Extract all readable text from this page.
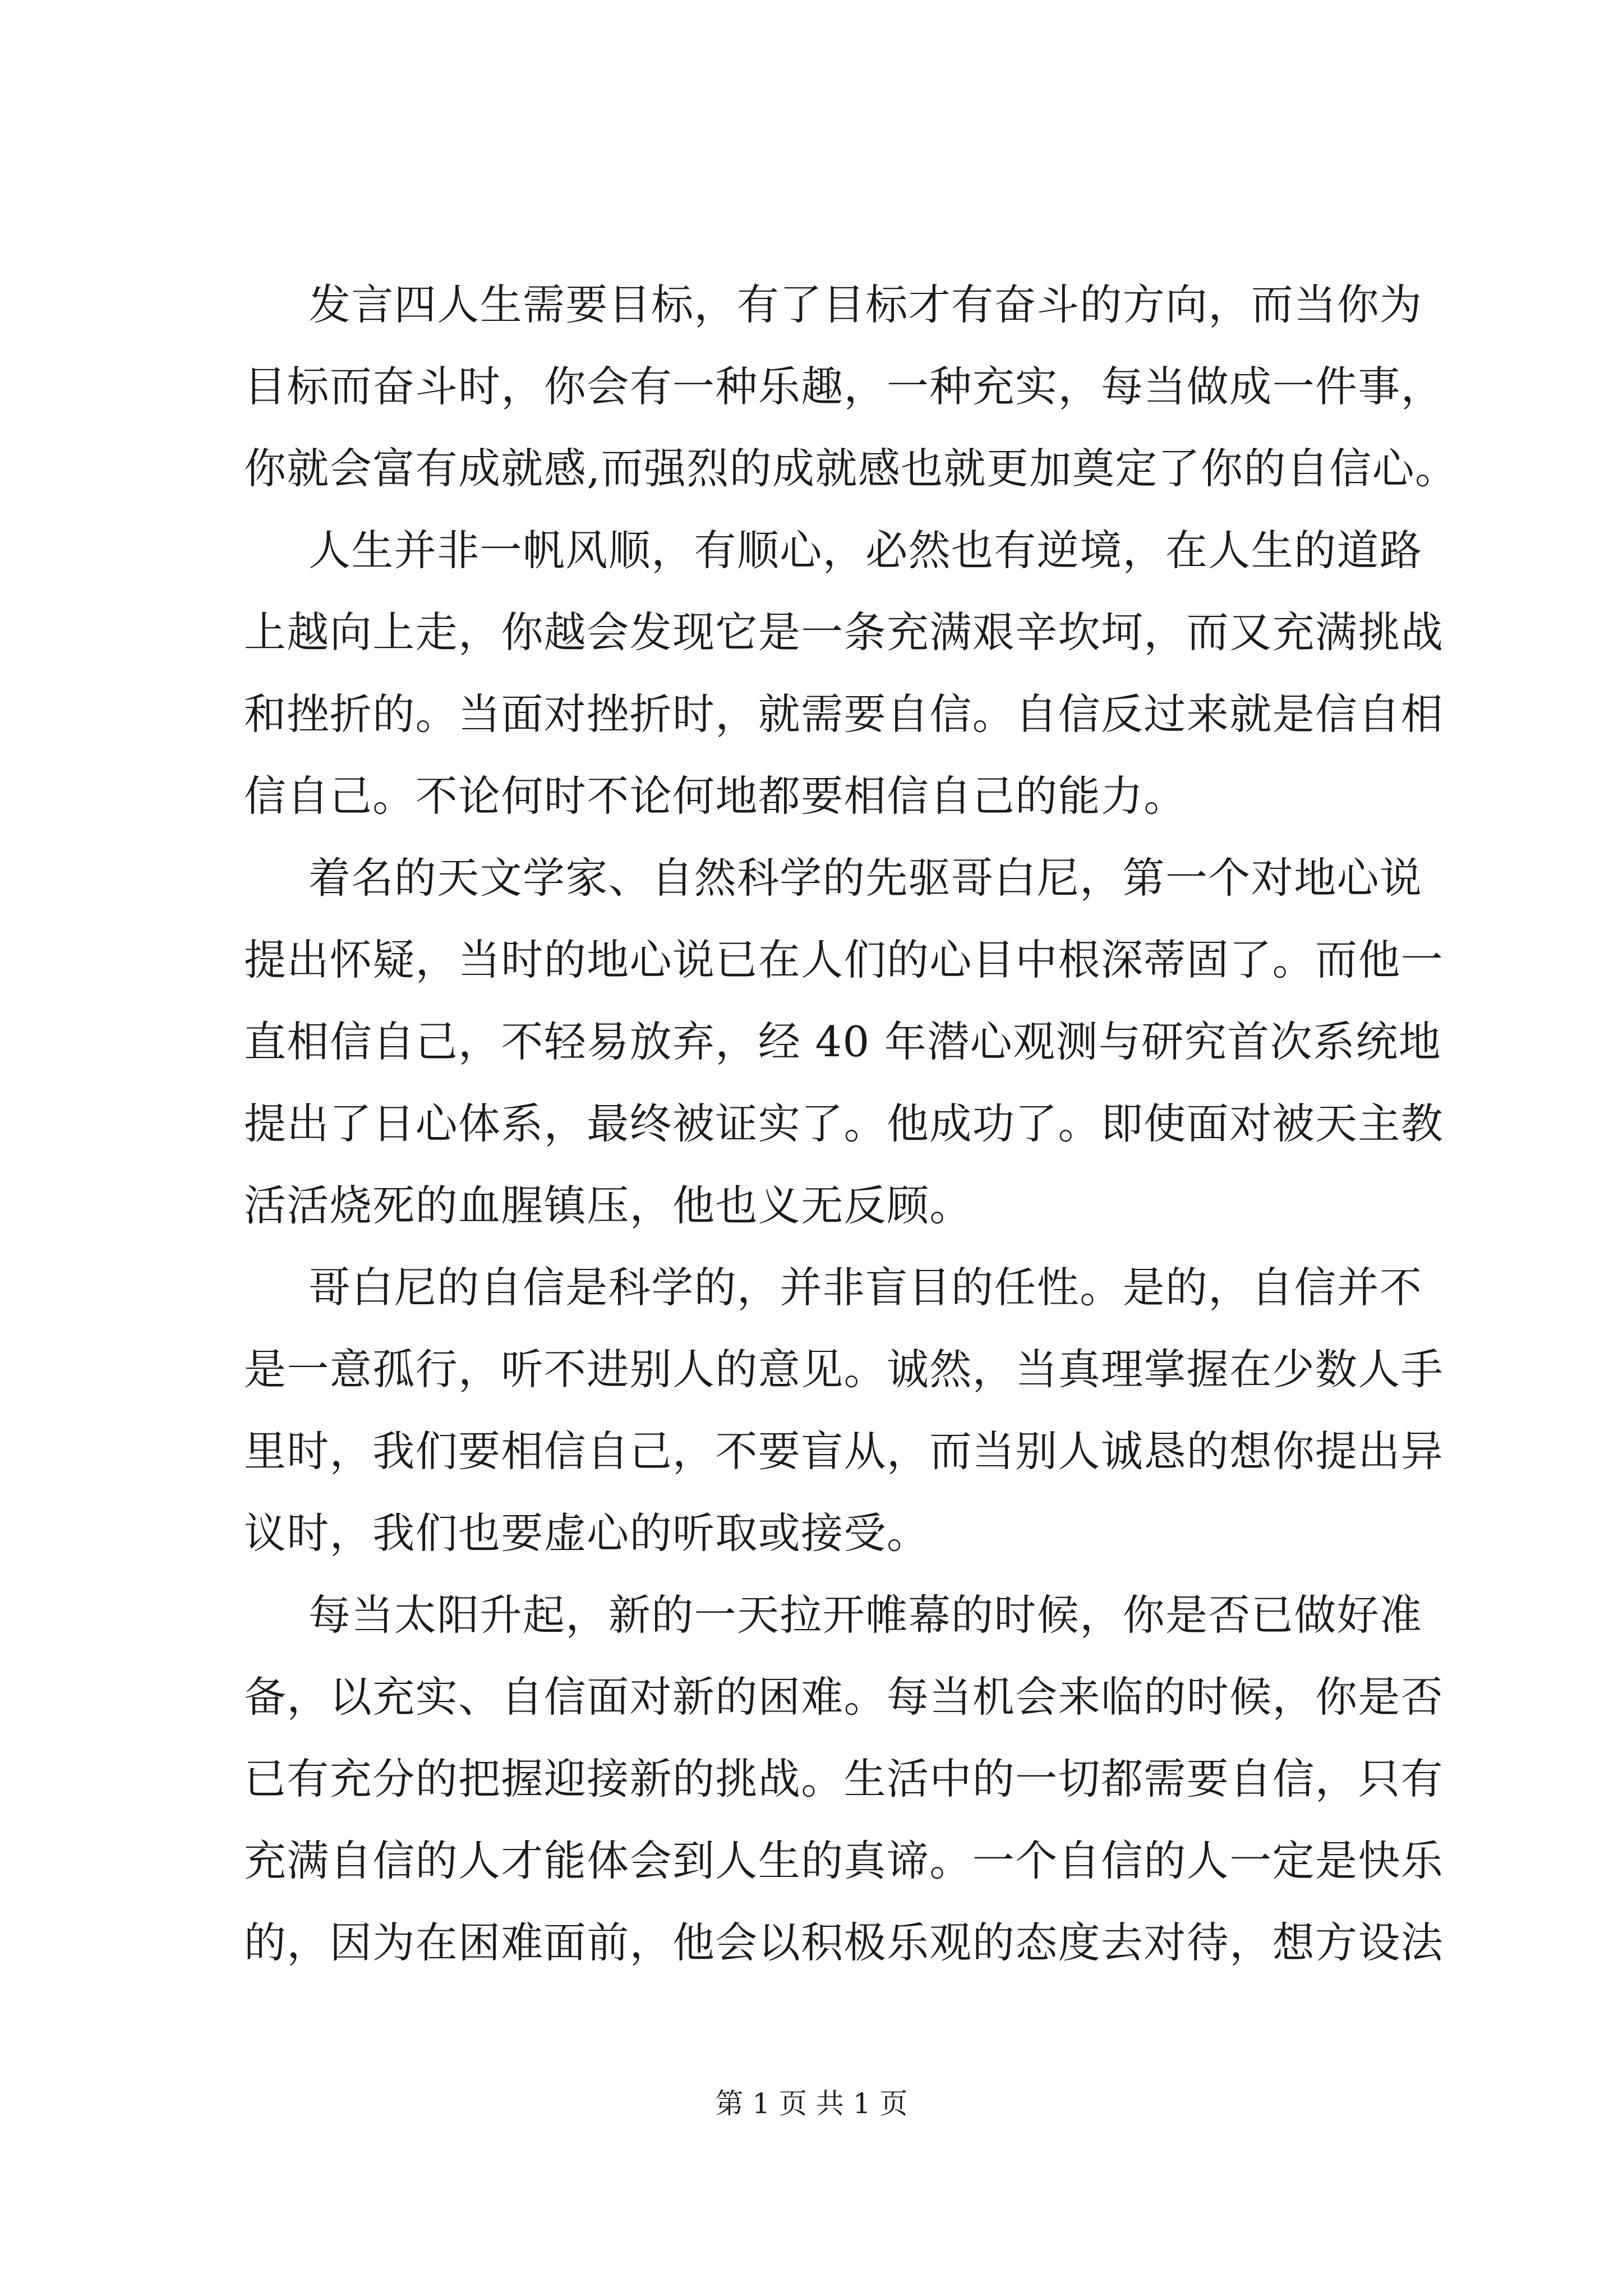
发言四人生需要目标，有了目标才有奋斗的方向，而当你为
目标而奋斗时，你会有一种乐趣，一种充实，每当做成一件事，
你就会富有成就感,而强烈的成就感也就更加奠定了你的自信心。
人生并非一帆风顺，有顺心，必然也有逆境，在人生的道路
上越向上走，你越会发现它是一条充满艰辛坎坷，而又充满挑战
和挫折的。当面对挫折时，就需要自信。自信反过来就是信自相
信自己。不论何时不论何地都要相信自己的能力。
着名的天文学家、自然科学的先驱哥白尼，第一个对地心说
提出怀疑，当时的地心说已在人们的心目中根深蒂固了。而他一
直相信自己，不轻易放弃，经 40 年潜心观测与研究首次系统地
提出了日心体系，最终被证实了。他成功了。即使面对被天主教
活活烧死的血腥镇压，他也义无反顾。
哥白尼的自信是科学的，并非盲目的任性。是的，自信并不
是一意孤行，听不进别人的意见。诚然，当真理掌握在少数人手
里时，我们要相信自己，不要盲从，而当别人诚恳的想你提出异
议时，我们也要虚心的听取或接受。
每当太阳升起，新的一天拉开帷幕的时候，你是否已做好准
备，以充实、自信面对新的困难。每当机会来临的时候，你是否
已有充分的把握迎接新的挑战。生活中的一切都需要自信，只有
充满自信的人才能体会到人生的真谛。一个自信的人一定是快乐
的，因为在困难面前，他会以积极乐观的态度去对待，想方设法
第 1 页 共 1 页
